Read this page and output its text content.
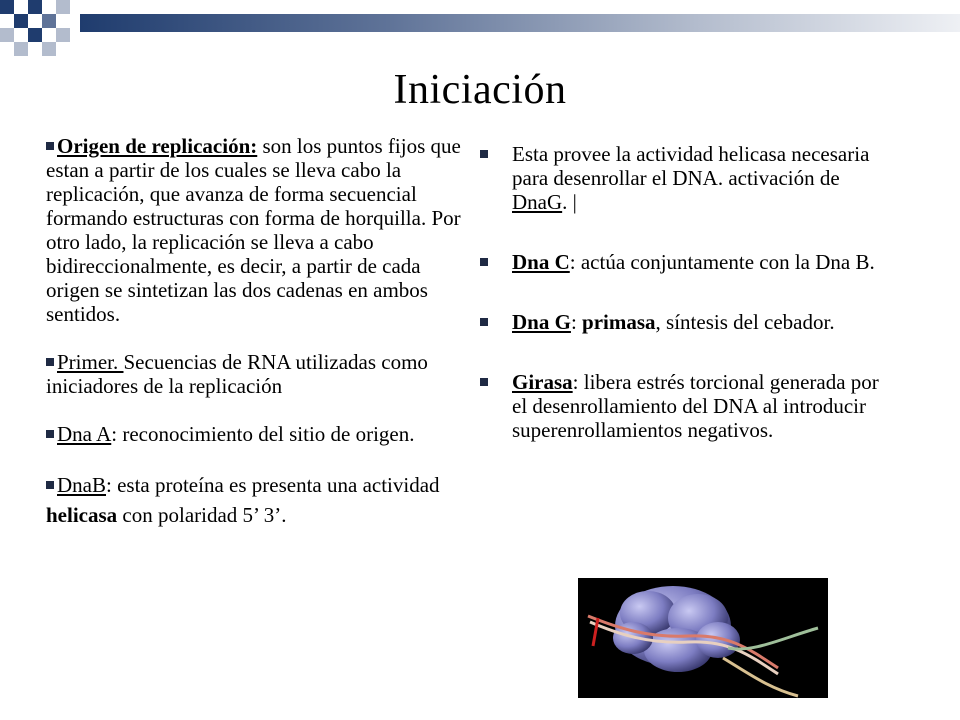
Iniciación

Origen de replicación: son los puntos fijos que estan a partir de los cuales se lleva cabo la replicación, que avanza de forma secuencial formando estructuras con forma de horquilla. Por otro lado, la replicación se lleva a cabo bidireccionalmente, es decir, a partir de cada origen se sintetizan las dos cadenas en ambos sentidos.

Primer. Secuencias de RNA utilizadas como iniciadores de la replicación

Dna A: reconocimiento del sitio de origen.

DnaB: esta proteína es presenta una actividad helicasa con polaridad 5’ 3’.

Esta provee la actividad helicasa necesaria para desenrollar el DNA. activación de DnaG. |

Dna C: actúa conjuntamente con la Dna B.

Dna G: primasa, síntesis del cebador.

Girasa: libera estrés torcional generada por el desenrollamiento del DNA al introducir superenrollamientos negativos.
